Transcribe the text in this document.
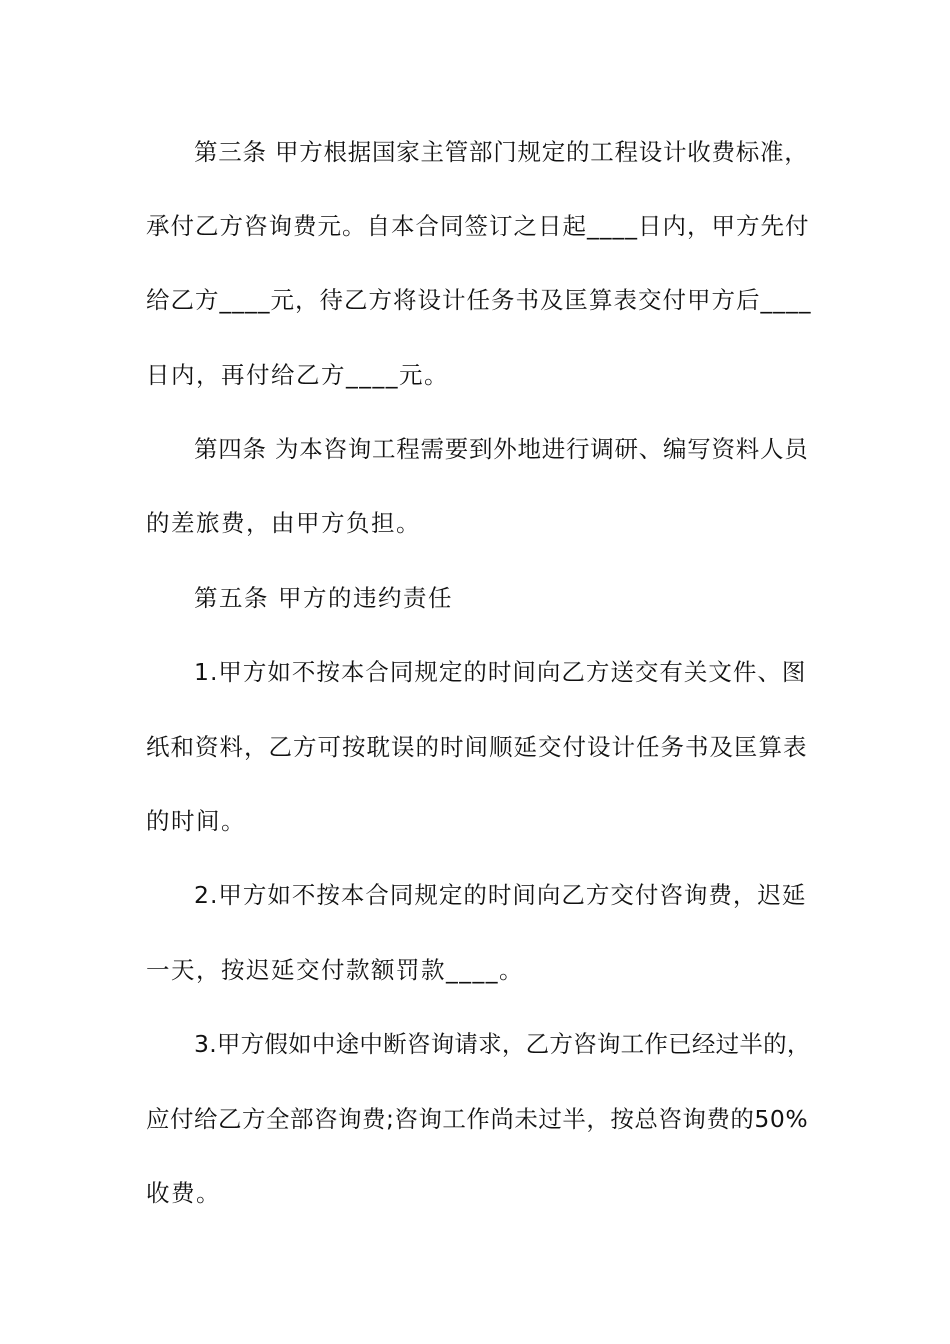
第三条 甲方根据国家主管部门规定的工程设计收费标准，
承付乙方咨询费元。自本合同签订之日起____日内，甲方先付
给乙方____元，待乙方将设计任务书及匡算表交付甲方后____
日内，再付给乙方____元。
第四条 为本咨询工程需要到外地进行调研、编写资料人员
的差旅费，由甲方负担。
第五条 甲方的违约责任
1.甲方如不按本合同规定的时间向乙方送交有关文件、图
纸和资料，乙方可按耽误的时间顺延交付设计任务书及匡算表
的时间。
2.甲方如不按本合同规定的时间向乙方交付咨询费，迟延
一天，按迟延交付款额罚款____。
3.甲方假如中途中断咨询请求，乙方咨询工作已经过半的，
应付给乙方全部咨询费;咨询工作尚未过半，按总咨询费的50%
收费。
